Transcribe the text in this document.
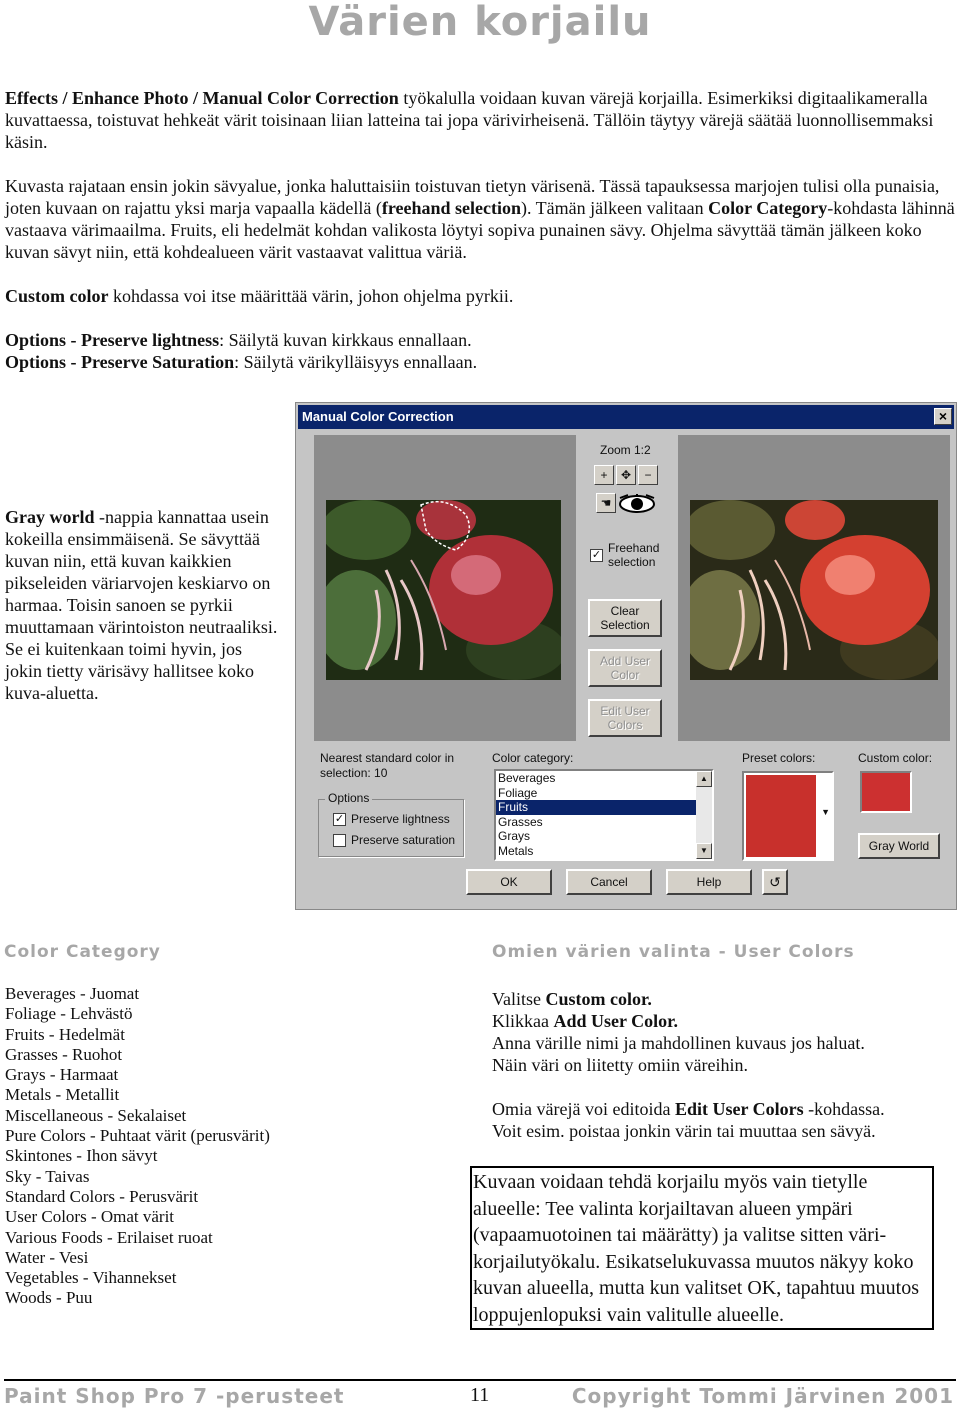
Värien korjailu

Effects / Enhance Photo / Manual Color Correction työkalulla voidaan kuvan värejä korjailla. Esimerkiksi digitaalikameralla kuvattaessa, toistuvat hehkeät värit toisinaan liian latteina tai jopa värivirheisenä. Tällöin täytyy värejä säätää luonnollisemmaksi käsin.

Kuvasta rajataan ensin jokin sävyalue, jonka haluttaisiin toistuvan tietyn värisenä. Tässä tapauksessa marjojen tulisi olla punaisia, joten kuvaan on rajattu yksi marja vapaalla kädellä (freehand selection). Tämän jälkeen valitaan Color Category-kohdasta lähinnä vastaava värimaailma. Fruits, eli hedelmät kohdan valikosta löytyi sopiva punainen sävy. Ohjelma sävyttää tämän jälkeen koko kuvan sävyt niin, että kohdealueen värit vastaavat valittua väriä.

Custom color kohdassa voi itse määrittää värin, johon ohjelma pyrkii.

Options - Preserve lightness: Säilytä kuvan kirkkaus ennallaan.

Options - Preserve Saturation: Säilytä värikylläisyys ennallaan.

Gray world -nappia kannattaa usein kokeilla ensimmäisenä. Se sävyttää kuvan niin, että kuvan kaikkien pikseleiden väriarvojen keskiarvo on harmaa. Toisin sanoen se pyrkii muuttamaan värintoiston neutraaliksi. Se ei kuitenkaan toimi hyvin, jos jokin tietty värisävy hallitsee koko kuva-aluetta.
Manual Color Correction	×
Zoom 1:2
+	✥	−
☚
✓ Freehand selection
Clear Selection
Add User Color
Edit User Colors
Nearest standard color in selection: 10
Options
✓ Preserve lightness
Preserve saturation
Color category:
Beverages
Foliage
Fruits
Grasses
Grays
Metals
▲
▼
Preset colors:
▼
Custom color:
Gray World
OK	Cancel	Help	↺
Color Category
Beverages - Juomat
Foliage - Lehvästö
Fruits - Hedelmät
Grasses - Ruohot
Grays - Harmaat
Metals - Metallit
Miscellaneous - Sekalaiset
Pure Colors - Puhtaat värit (perusvärit)
Skintones - Ihon sävyt
Sky - Taivas
Standard Colors - Perusvärit
User Colors - Omat värit
Various Foods - Erilaiset ruoat
Water - Vesi
Vegetables - Vihannekset
Woods - Puu
Omien värien valinta - User Colors
Valitse Custom color.
Klikkaa Add User Color.
Anna värille nimi ja mahdollinen kuvaus jos haluat.
Näin väri on liitetty omiin väreihin.
Omia värejä voi editoida Edit User Colors -kohdassa.
Voit esim. poistaa jonkin värin tai muuttaa sen sävyä.
Kuvaan voidaan tehdä korjailu myös vain tietylle alueelle: Tee valinta korjailtavan alueen ympäri (vapaamuotoinen tai määrätty) ja valitse sitten väri-korjailutyökalu. Esikatselukuvassa muutos näkyy koko kuvan alueella, mutta kun valitset OK, tapahtuu muutos loppujenlopuksi vain valitulle alueelle.
Paint Shop Pro 7 -perusteet	11	Copyright Tommi Järvinen 2001
